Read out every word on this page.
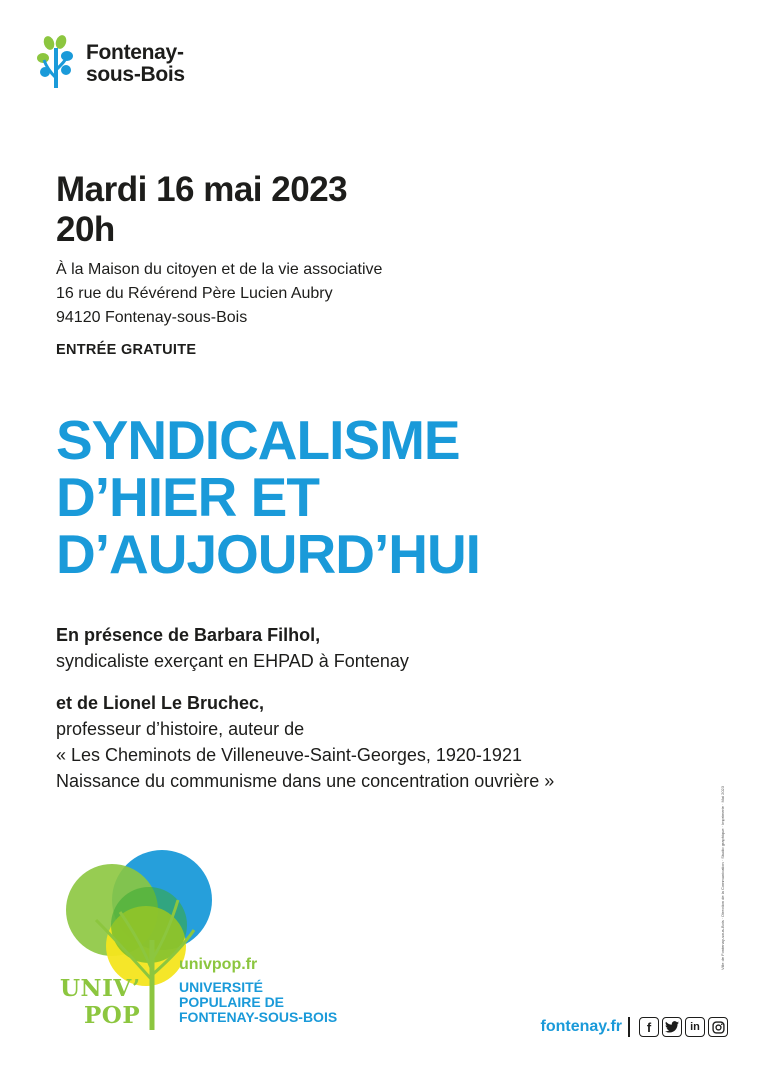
Fontenay-
sous-Bois
Mardi 16 mai 2023
20h
À la Maison du citoyen et de la vie associative
16 rue du Révérend Père Lucien Aubry
94120 Fontenay-sous-Bois
ENTRÉE GRATUITE
SYNDICALISME
D’HIER ET
D’AUJOURD’HUI
En présence de Barbara Filhol,
syndicaliste exerçant en EHPAD à Fontenay
et de Lionel Le Bruchec,
professeur d’histoire, auteur de
« Les Cheminots de Villeneuve-Saint-Georges, 1920-1921
Naissance du communisme dans une concentration ouvrière »
Ville de Fontenay-sous-Bois · Direction de la Communication · Studio graphique · Imprimerie · Mai 2023
UNIV’
POP
univpop.fr
UNIVERSITÉ
POPULAIRE DE
FONTENAY-SOUS-BOIS
fontenay.fr f	in
